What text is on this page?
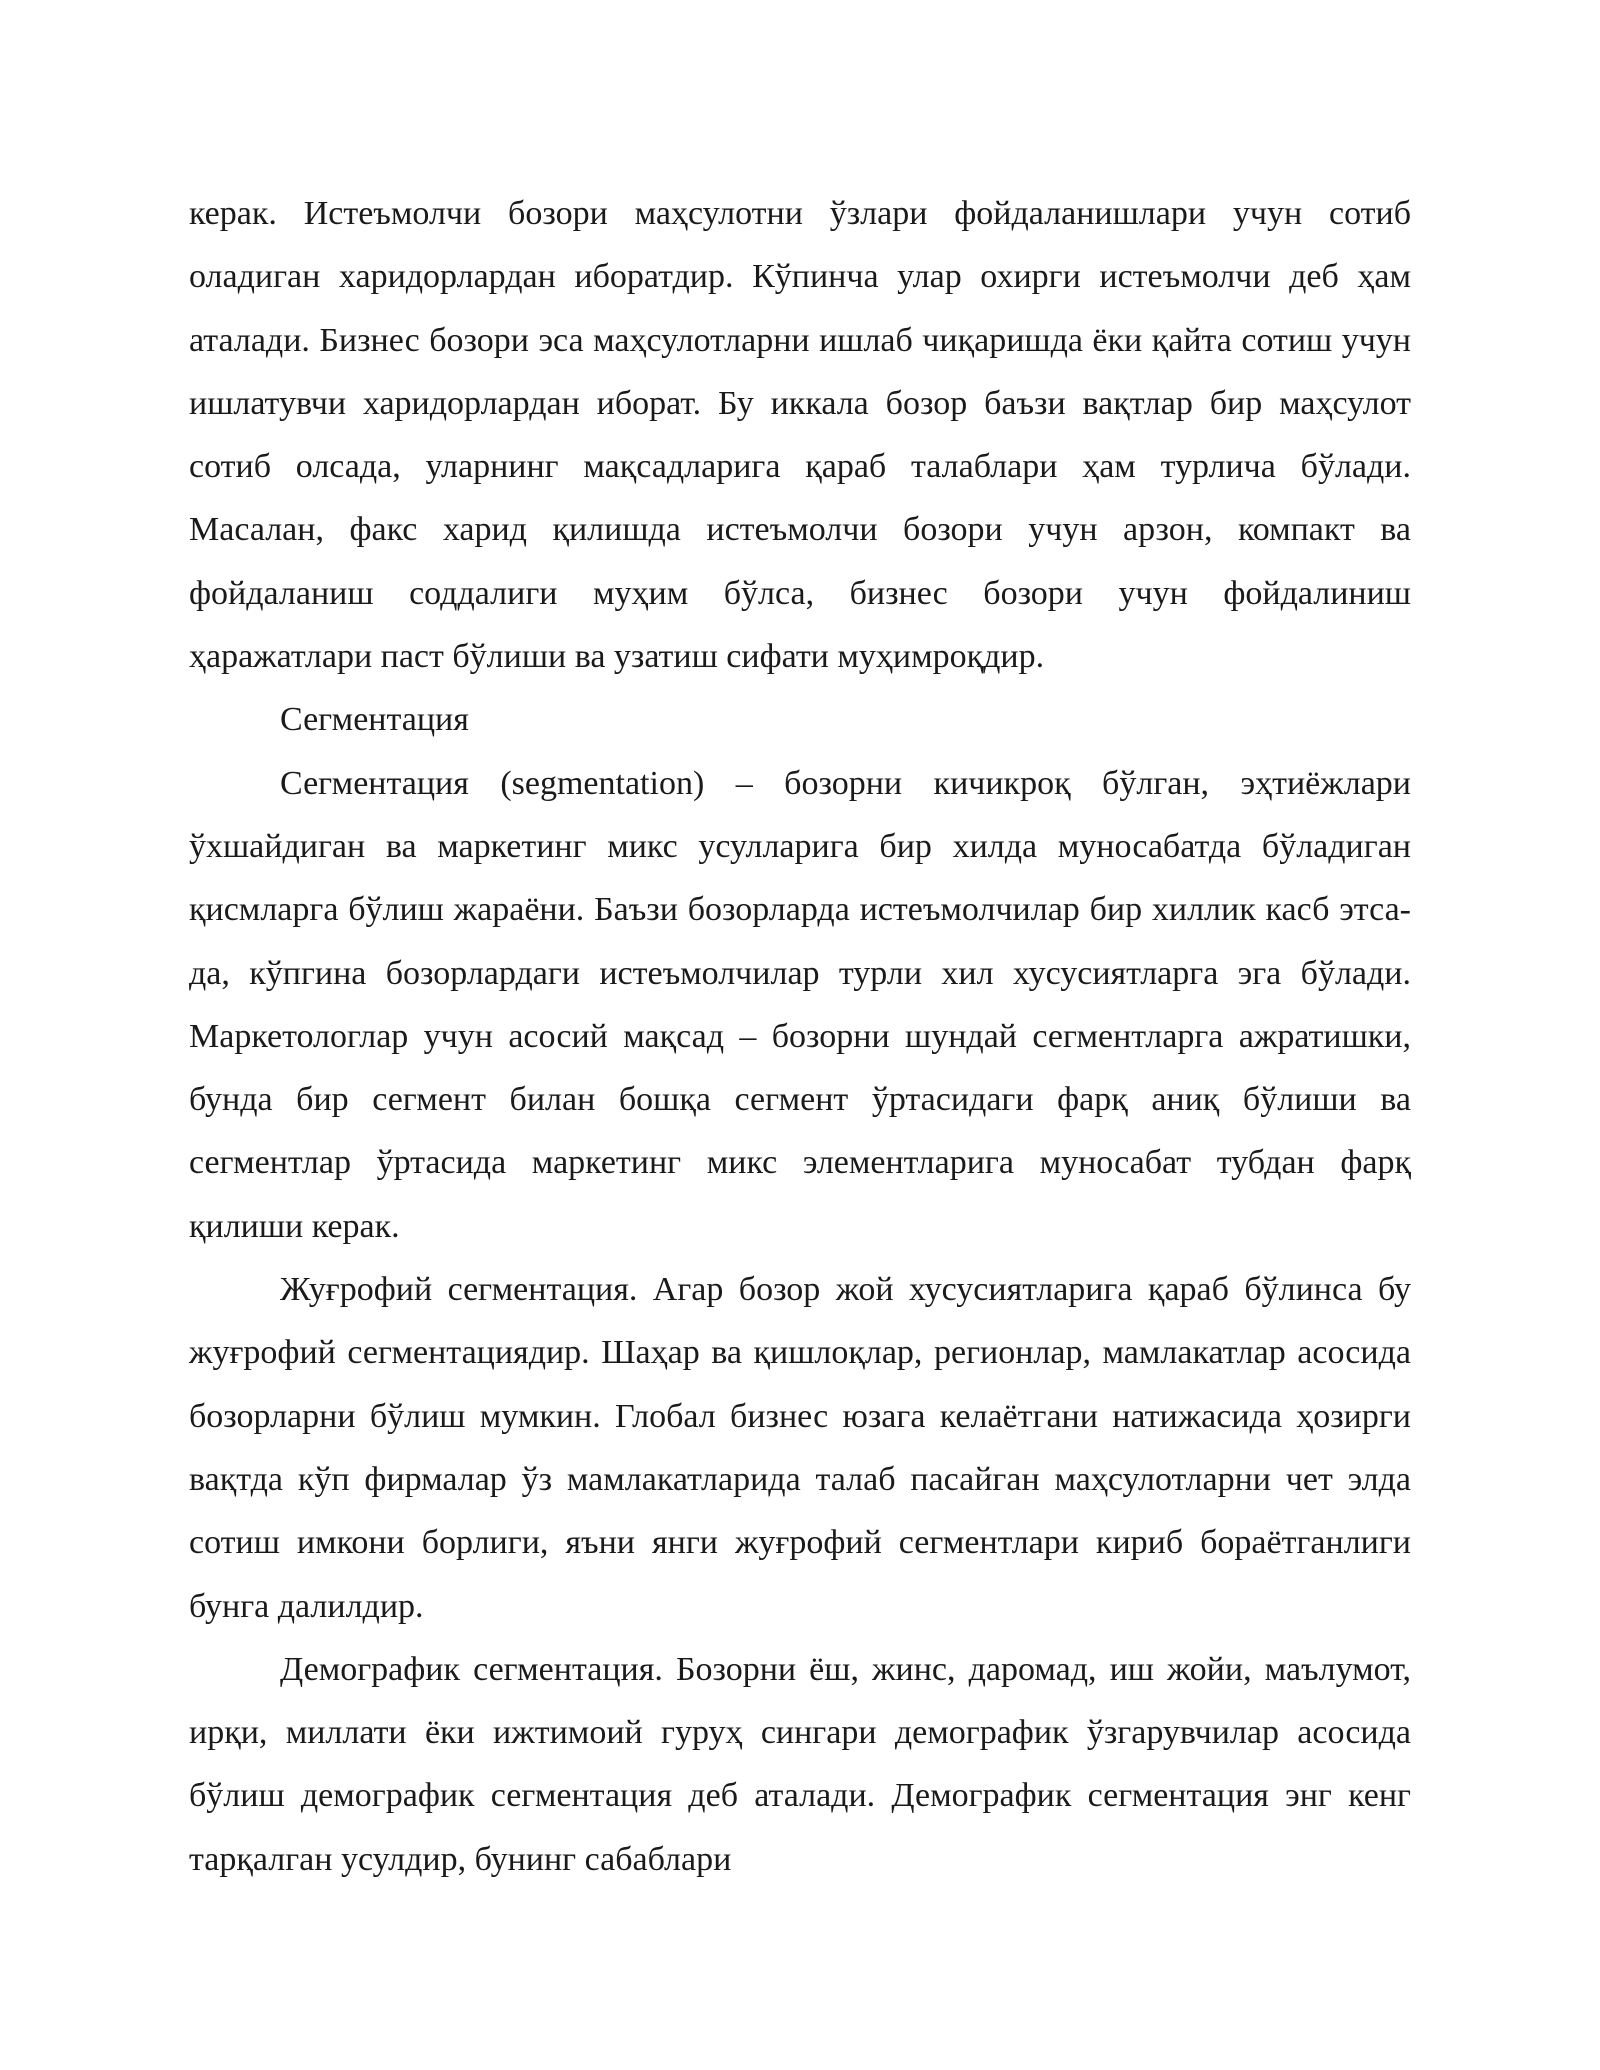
керак. Истеъмолчи бозори маҳсулотни ўзлари фойдаланишлари учун сотиб оладиган харидорлардан иборатдир. Кўпинча улар охирги истеъмолчи деб ҳам аталади. Бизнес бозори эса маҳсулотларни ишлаб чиқаришда ёки қайта сотиш учун ишлатувчи харидорлардан иборат. Бу иккала бозор баъзи вақтлар бир маҳсулот сотиб олсада, уларнинг мақсадларига қараб талаблари ҳам турлича бўлади. Масалан, факс харид қилишда истеъмолчи бозори учун арзон, компакт ва фойдаланиш соддалиги муҳим бўлса, бизнес бозори учун фойдалиниш ҳаражатлари паст бўлиши ва узатиш сифати муҳимроқдир.

Сегментация

Сегментация (segmentation) – бозорни кичикроқ бўлган, эҳтиёжлари ўхшайдиган ва маркетинг микс усулларига бир хилда муносабатда бўладиган қисмларга бўлиш жараёни. Баъзи бозорларда истеъмолчилар бир хиллик касб этса-да, кўпгина бозорлардаги истеъмолчилар турли хил хусусиятларга эга бўлади. Маркетологлар учун асосий мақсад – бозорни шундай сегментларга ажратишки, бунда бир сегмент билан бошқа сегмент ўртасидаги фарқ аниқ бўлиши ва сегментлар ўртасида маркетинг микс элементларига муносабат тубдан фарқ қилиши керак.

Жуғрофий сегментация. Агар бозор жой хусусиятларига қараб бўлинса бу жуғрофий сегментациядир. Шаҳар ва қишлоқлар, регионлар, мамлакатлар асосида бозорларни бўлиш мумкин. Глобал бизнес юзага келаётгани натижасида ҳозирги вақтда кўп фирмалар ўз мамлакатларида талаб пасайган маҳсулотларни чет элда сотиш имкони борлиги, яъни янги жуғрофий сегментлари кириб бораётганлиги бунга далилдир.

Демографик сегментация. Бозорни ёш, жинс, даромад, иш жойи, маълумот, ирқи, миллати ёки ижтимоий гуруҳ сингари демографик ўзгарувчилар асосида бўлиш демографик сегментация деб аталади. Демографик сегментация энг кенг тарқалган усулдир, бунинг сабаблари
